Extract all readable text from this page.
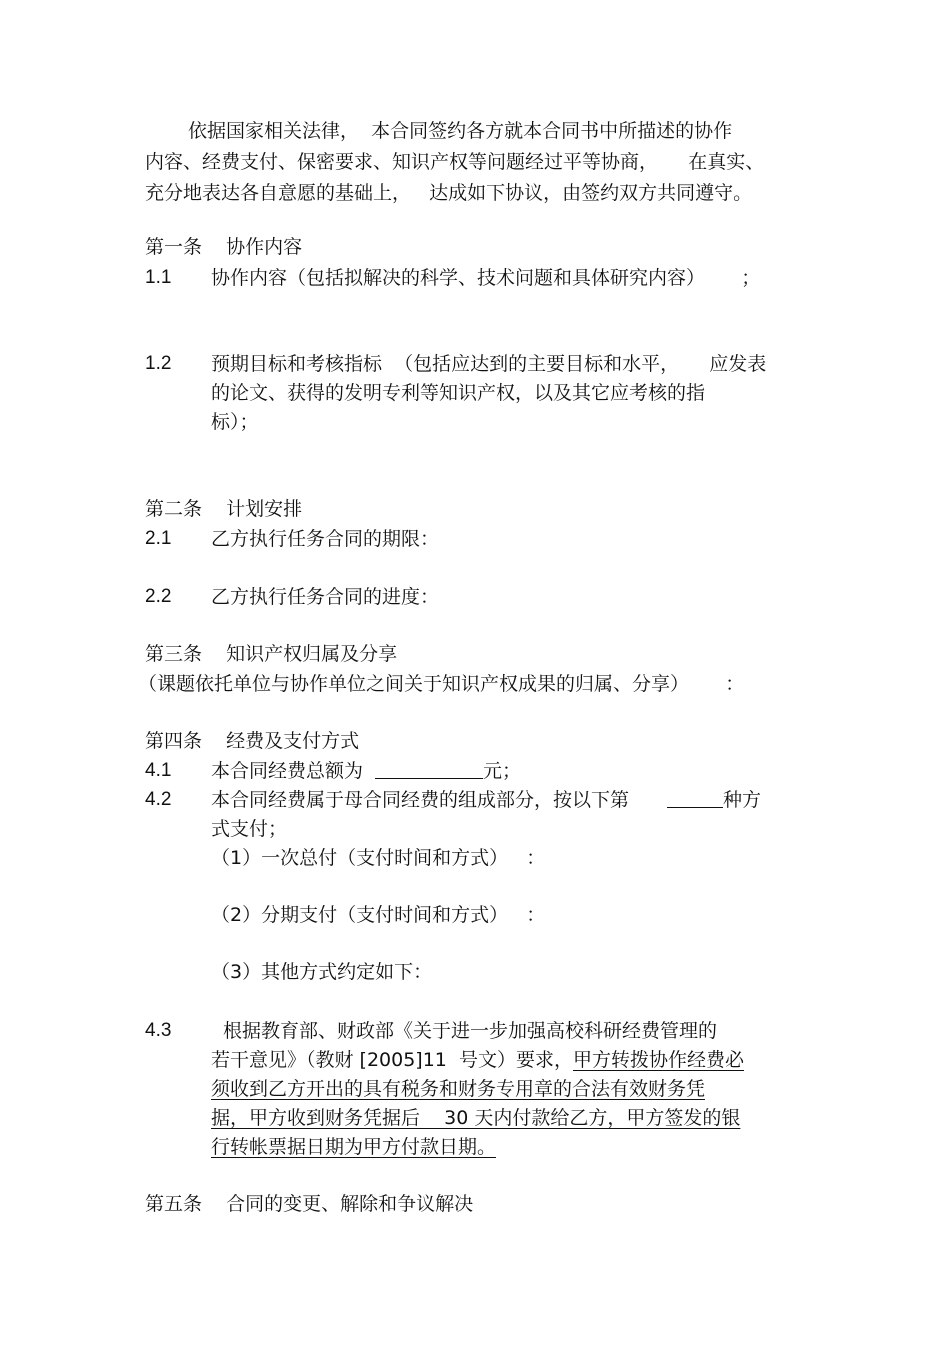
依据国家相关法律，  本合同签约各方就本合同书中所描述的协作
内容、经费支付、保密要求、知识产权等问题经过平等协商，     在真实、
充分地表达各自意愿的基础上，   达成如下协议，由签约双方共同遵守。
第一条    协作内容
1.1 协作内容（包括拟解决的科学、技术问题和具体研究内容）      ；
1.2 预期目标和考核指标  （包括应达到的主要目标和水平，     应发表
的论文、获得的发明专利等知识产权，以及其它应考核的指
标）；
第二条    计划安排
2.1 乙方执行任务合同的期限：
2.2 乙方执行任务合同的进度：
第三条    知识产权归属及分享
（课题依托单位与协作单位之间关于知识产权成果的归属、分享）      ：
第四条    经费及支付方式
4.1 本合同经费总额为	元；
4.2 本合同经费属于母合同经费的组成部分，按以下第	种方
式支付；
（1）一次总付（支付时间和方式）   ：
（2）分期支付（支付时间和方式）   ：
（3）其他方式约定如下：
4.3	根据教育部、财政部《关于进一步加强高校科研经费管理的
若干意见》（教财 [2005]11  号文）要求，甲方转拨协作经费必
须收到乙方开出的具有税务和财务专用章的合法有效财务凭
据，甲方收到财务凭据后    30 天内付款给乙方，甲方签发的银
行转帐票据日期为甲方付款日期。
第五条    合同的变更、解除和争议解决
